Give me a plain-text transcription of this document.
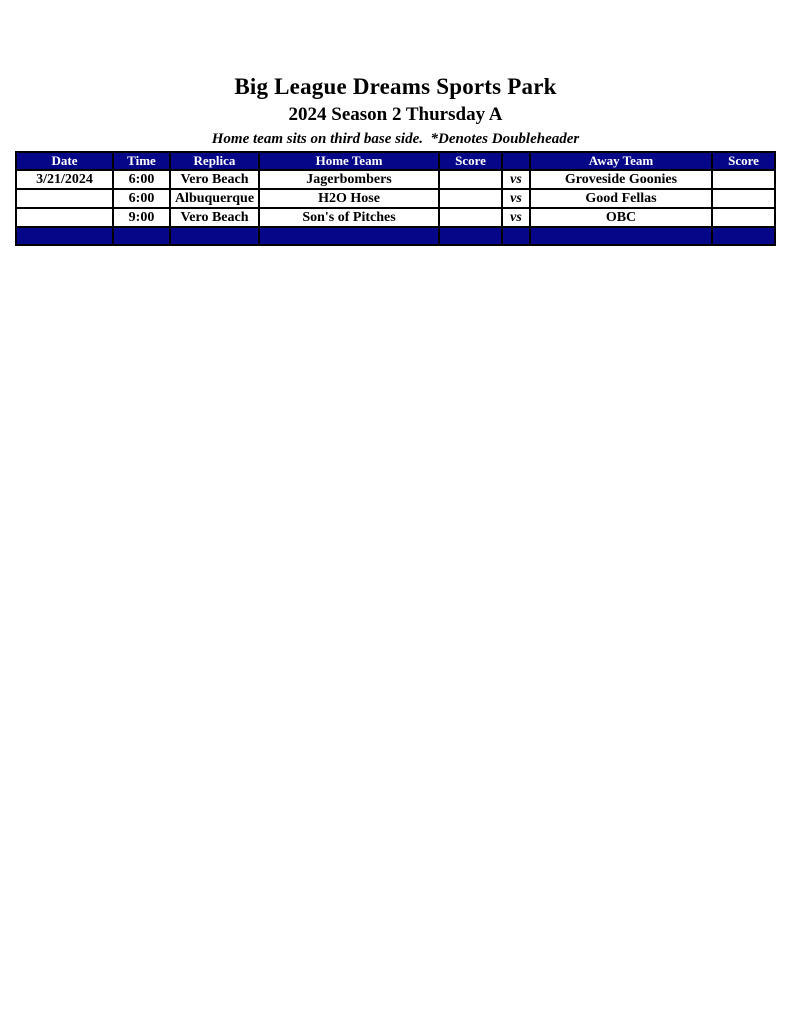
Big League Dreams Sports Park
2024 Season 2 Thursday A
Home team sits on third base side.  *Denotes Doubleheader
Date	Time	Replica	Home Team	Score		Away Team	Score
3/21/2024	6:00	Vero Beach	Jagerbombers		vs	Groveside Goonies	
	6:00	Albuquerque	H2O Hose		vs	Good Fellas	
	9:00	Vero Beach	Son's of Pitches		vs	OBC	
